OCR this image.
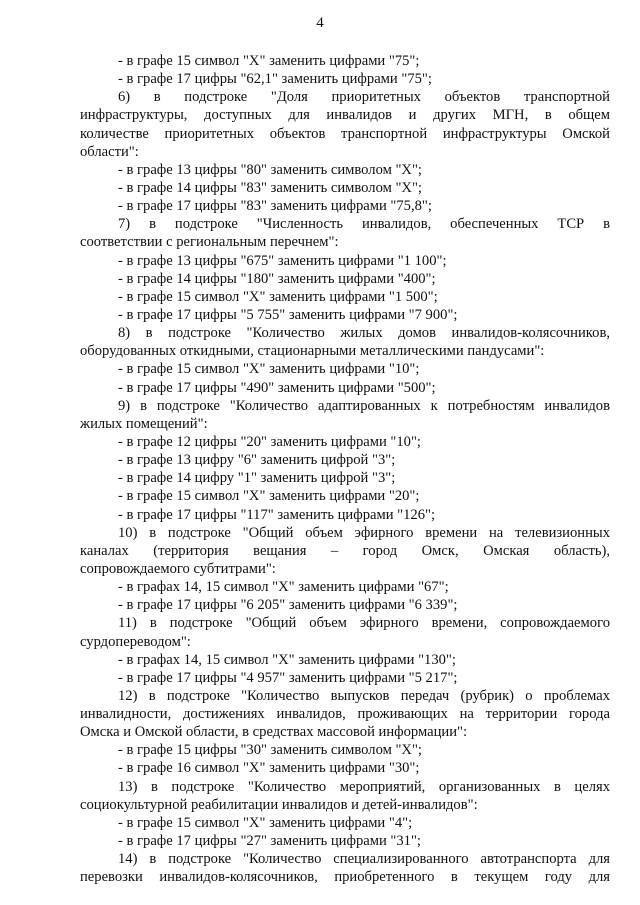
4
- в графе 15 символ "Х" заменить цифрами "75";
- в графе 17 цифры "62,1" заменить цифрами "75";
6) в подстроке "Доля приоритетных объектов транспортной
инфраструктуры, доступных для инвалидов и других МГН, в общем
количестве приоритетных объектов транспортной инфраструктуры Омской
области":
- в графе 13 цифры "80" заменить символом "Х";
- в графе 14 цифры "83" заменить символом "Х";
- в графе 17 цифры "83" заменить цифрами "75,8";
7) в подстроке "Численность инвалидов, обеспеченных ТСР в
соответствии с региональным перечнем":
- в графе 13 цифры "675" заменить цифрами "1 100";
- в графе 14 цифры "180" заменить цифрами "400";
- в графе 15 символ "Х" заменить цифрами "1 500";
- в графе 17 цифры "5 755" заменить цифрами "7 900";
8) в подстроке "Количество жилых домов инвалидов-колясочников,
оборудованных откидными, стационарными металлическими пандусами":
- в графе 15 символ "Х" заменить цифрами "10";
- в графе 17 цифры "490" заменить цифрами "500";
9) в подстроке "Количество адаптированных к потребностям инвалидов
жилых помещений":
- в графе 12 цифры "20" заменить цифрами "10";
- в графе 13 цифру "6" заменить цифрой "3";
- в графе 14 цифру "1" заменить цифрой "3";
- в графе 15 символ "Х" заменить цифрами "20";
- в графе 17 цифры "117" заменить цифрами "126";
10) в подстроке "Общий объем эфирного времени на телевизионных
каналах (территория вещания – город Омск, Омская область),
сопровождаемого субтитрами":
- в графах 14, 15 символ "Х" заменить цифрами "67";
- в графе 17 цифры "6 205" заменить цифрами "6 339";
11) в подстроке "Общий объем эфирного времени, сопровождаемого
сурдопереводом":
- в графах 14, 15 символ "Х" заменить цифрами "130";
- в графе 17 цифры "4 957" заменить цифрами "5 217";
12) в подстроке "Количество выпусков передач (рубрик) о проблемах
инвалидности, достижениях инвалидов, проживающих на территории города
Омска и Омской области, в средствах массовой информации":
- в графе 15 цифры "30" заменить символом "Х";
- в графе 16 символ "Х" заменить цифрами "30";
13) в подстроке "Количество мероприятий, организованных в целях
социокультурной реабилитации инвалидов и детей-инвалидов":
- в графе 15 символ "Х" заменить цифрами "4";
- в графе 17 цифры "27" заменить цифрами "31";
14) в подстроке "Количество специализированного автотранспорта для
перевозки инвалидов-колясочников, приобретенного в текущем году для
